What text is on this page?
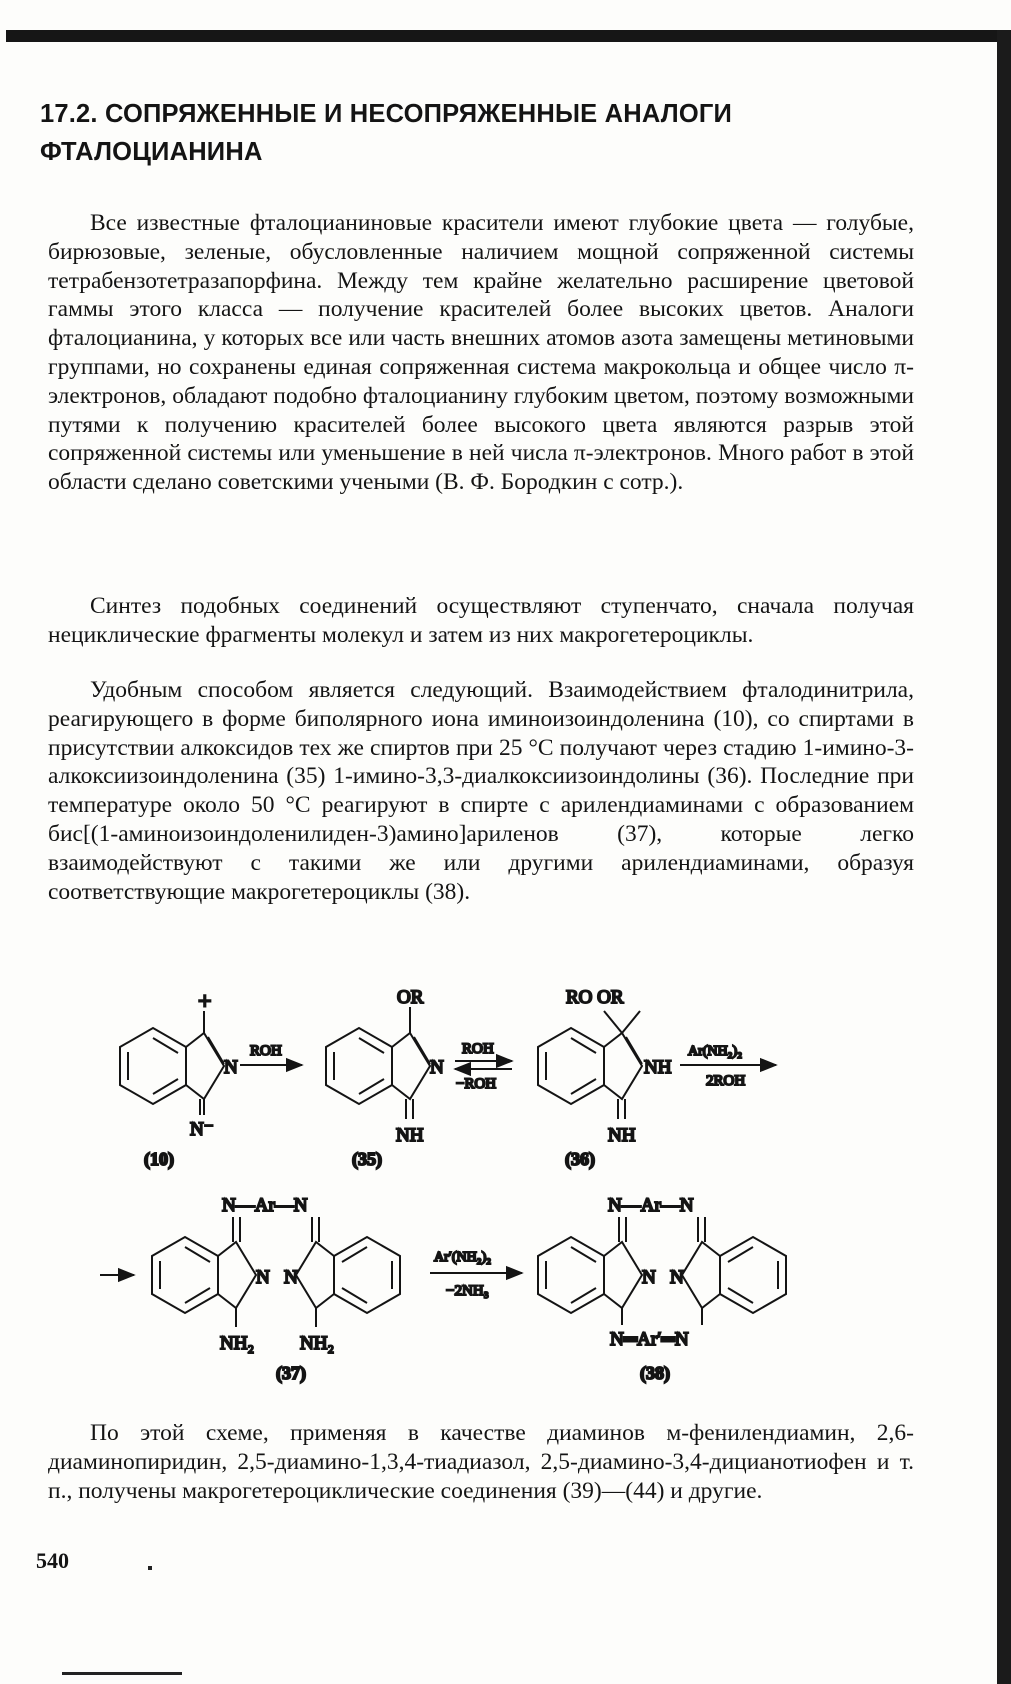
17.2. СОПРЯЖЕННЫЕ И НЕСОПРЯЖЕННЫЕ АНАЛОГИ
ФТАЛОЦИАНИНА

Все известные фталоцианиновые красители имеют глубокие цвета — голубые, бирюзовые, зеленые, обусловленные наличием мощной сопряженной системы тетрабензотетразапорфина. Между тем крайне желательно расширение цветовой гаммы этого класса — получение красителей более высоких цветов. Аналоги фталоцианина, у которых все или часть внешних атомов азота замещены метиновыми группами, но сохранены единая сопряженная система макрокольца и общее число π-электронов, обладают подобно фталоцианину глубоким цветом, поэтому возможными путями к получению красителей более высокого цвета являются разрыв этой сопряженной системы или уменьшение в ней числа π-электронов. Много работ в этой области сделано советскими учеными (В. Ф. Бородкин с сотр.).

Синтез подобных соединений осуществляют ступенчато, сначала получая нециклические фрагменты молекул и затем из них макрогетероциклы.

Удобным способом является следующий. Взаимодействием фталодинитрила, реагирующего в форме биполярного иона иминоизоиндоленина (10), со спиртами в присутствии алкоксидов тех же спиртов при 25 °С получают через стадию 1-имино-3-алкоксиизоиндоленина (35) 1-имино-3,3-диалкоксиизоиндолины (36). Последние при температуре около 50 °С реагируют в спирте с арилендиаминами с образованием бис[(1-аминоизоиндоленилиден-3)амино]ариленов (37), которые легко взаимодействуют с такими же или другими арилендиаминами, образуя соответствующие макрогетероциклы (38).

+
N
N⁻
(10)
ROH
OR
N
NH
(35)
ROH
−ROH
RO OR
NH
NH
(36)
Ar(NH₂)₂
2ROH
N—Ar—N
N N
NH₂ NH₂
(37)
Ar′(NH₂)₂
−2NH₃
N—Ar—N
N N
N═Ar′═N
(38)

По этой схеме, применяя в качестве диаминов м-фенилендиамин, 2,6-диаминопиридин, 2,5-диамино-1,3,4-тиадиазол, 2,5-диамино-3,4-дицианотиофен и т. п., получены макрогетероциклические соединения (39)—(44) и другие.

540
